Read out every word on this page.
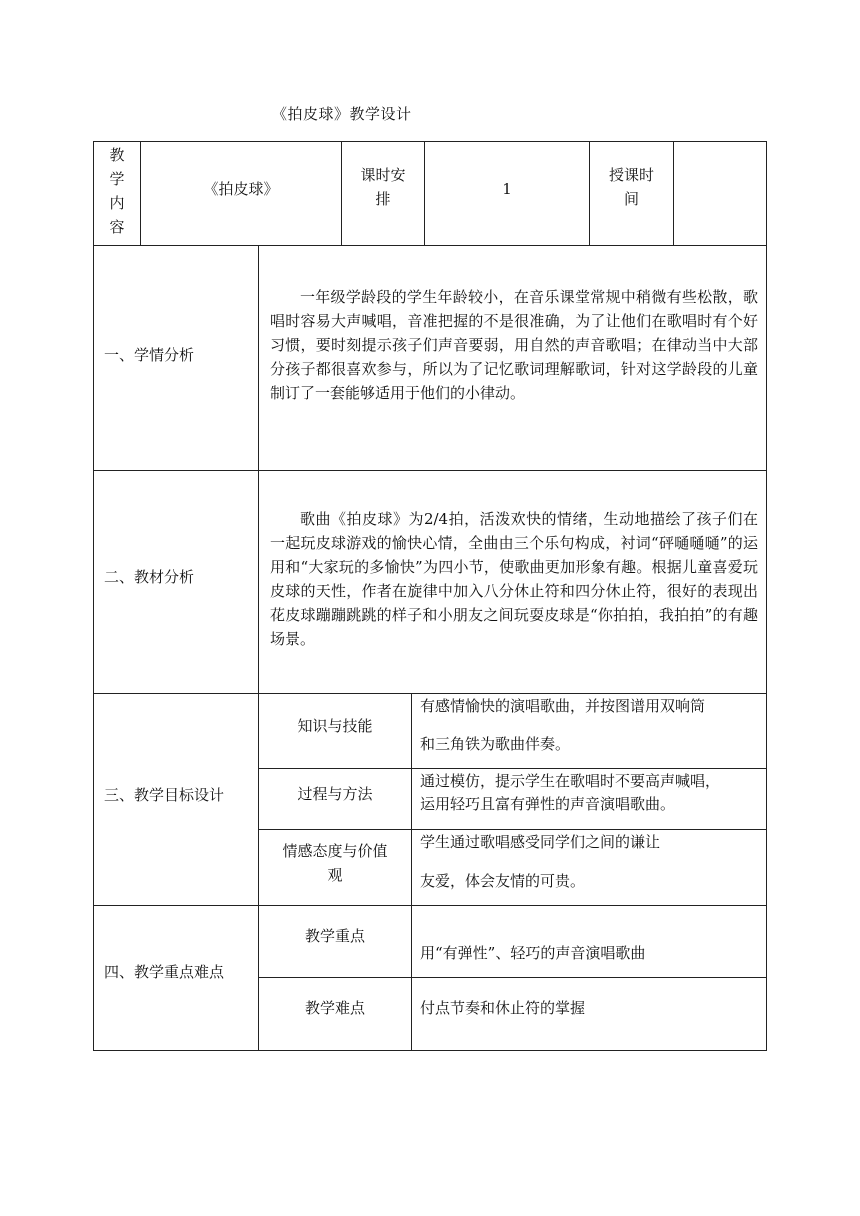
《拍皮球》教学设计
教
学
内
容
《拍皮球》
课时安
排
1
授课时
间
一、学情分析
一年级学龄段的学生年龄较小，在音乐课堂常规中稍微有些松散，歌唱时容易大声喊唱，音准把握的不是很准确，为了让他们在歌唱时有个好习惯，要时刻提示孩子们声音要弱，用自然的声音歌唱；在律动当中大部分孩子都很喜欢参与，所以为了记忆歌词理解歌词，针对这学龄段的儿童制订了一套能够适用于他们的小律动。
二、教材分析
歌曲《拍皮球》为2/4拍，活泼欢快的情绪，生动地描绘了孩子们在一起玩皮球游戏的愉快心情，全曲由三个乐句构成，衬词“砰嗵嗵嗵”的运用和“大家玩的多愉快”为四小节，使歌曲更加形象有趣。根据儿童喜爱玩皮球的天性，作者在旋律中加入八分休止符和四分休止符，很好的表现出花皮球蹦蹦跳跳的样子和小朋友之间玩耍皮球是“你拍拍，我拍拍”的有趣场景。
三、教学目标设计
知识与技能
有感情愉快的演唱歌曲，并按图谱用双响筒
和三角铁为歌曲伴奏。
过程与方法
通过模仿，提示学生在歌唱时不要高声喊唱，
运用轻巧且富有弹性的声音演唱歌曲。
情感态度与价值
观
学生通过歌唱感受同学们之间的谦让
友爱，体会友情的可贵。
四、教学重点难点
教学重点
用“有弹性”、轻巧的声音演唱歌曲
教学难点	付点节奏和休止符的掌握
